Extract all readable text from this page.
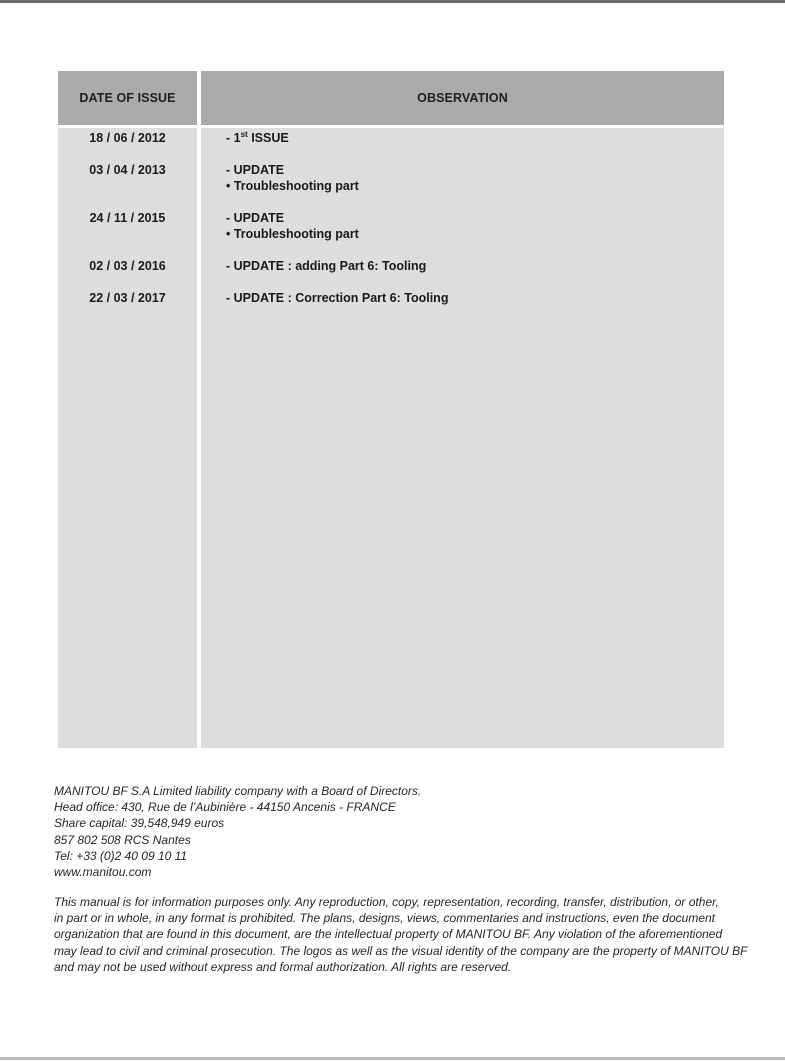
DATE OF ISSUE	OBSERVATION
18 / 06 / 2012	- 1st ISSUE
03 / 04 / 2013	- UPDATE
• Troubleshooting part
24 / 11 / 2015	- UPDATE
• Troubleshooting part
02 / 03 / 2016	- UPDATE : adding Part 6: Tooling
22 / 03 / 2017	- UPDATE : Correction Part 6: Tooling
MANITOU BF S.A Limited liability company with a Board of Directors.
Head office: 430, Rue de l’Aubinière - 44150 Ancenis - FRANCE
Share capital: 39,548,949 euros
857 802 508 RCS Nantes
Tel: +33 (0)2 40 09 10 11
www.manitou.com
This manual is for information purposes only. Any reproduction, copy, representation, recording, transfer, distribution, or other,
in part or in whole, in any format is prohibited. The plans, designs, views, commentaries and instructions, even the document
organization that are found in this document, are the intellectual property of MANITOU BF. Any violation of the aforementioned
may lead to civil and criminal prosecution. The logos as well as the visual identity of the company are the property of MANITOU BF
and may not be used without express and formal authorization. All rights are reserved.
